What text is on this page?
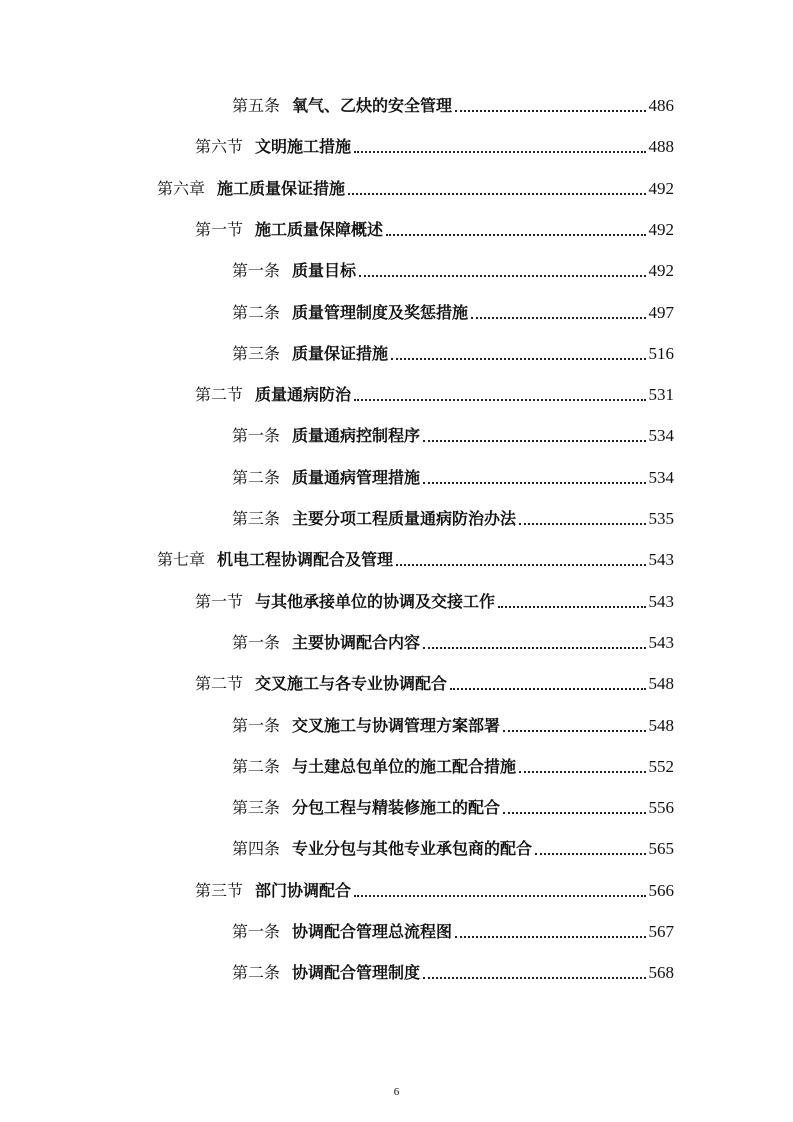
第五条 氧气、乙炔的安全管理	486
第六节 文明施工措施	488
第六章 施工质量保证措施	492
第一节 施工质量保障概述	492
第一条 质量目标	492
第二条 质量管理制度及奖惩措施	497
第三条 质量保证措施	516
第二节 质量通病防治	531
第一条 质量通病控制程序	534
第二条 质量通病管理措施	534
第三条 主要分项工程质量通病防治办法	535
第七章 机电工程协调配合及管理	543
第一节 与其他承接单位的协调及交接工作	543
第一条 主要协调配合内容	543
第二节 交叉施工与各专业协调配合	548
第一条 交叉施工与协调管理方案部署	548
第二条 与土建总包单位的施工配合措施	552
第三条 分包工程与精装修施工的配合	556
第四条 专业分包与其他专业承包商的配合	565
第三节 部门协调配合	566
第一条 协调配合管理总流程图	567
第二条 协调配合管理制度	568
6
